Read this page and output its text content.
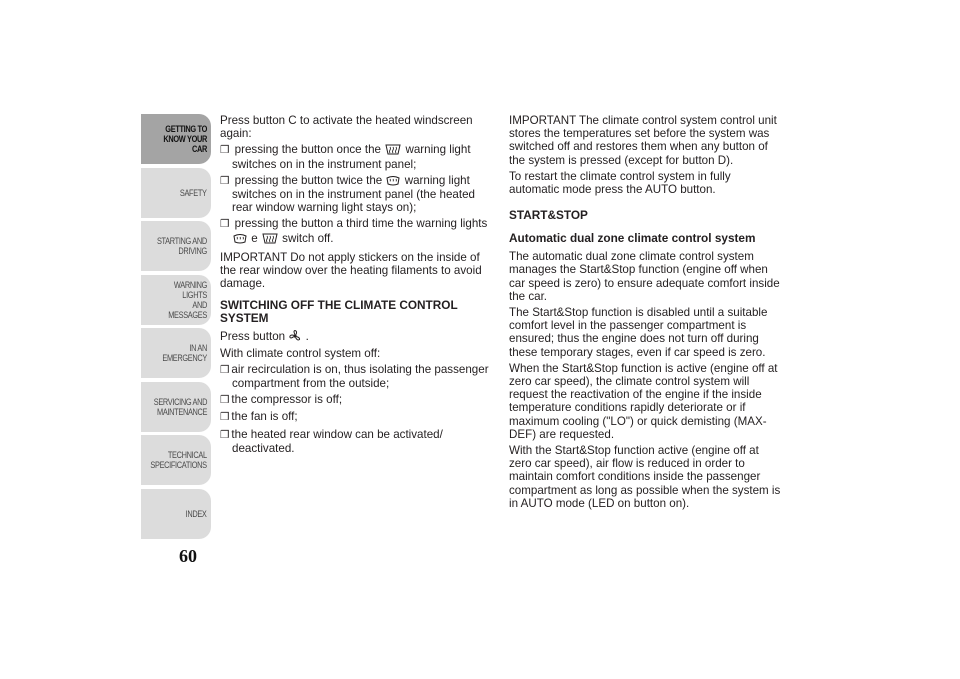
GETTING TO
KNOW YOUR CAR
SAFETY
STARTING AND
DRIVING
WARNING LIGHTS
AND MESSAGES
IN AN EMERGENCY
SERVICING AND
MAINTENANCE
TECHNICAL
SPECIFICATIONS
INDEX
60

Press button C to activate the heated windscreen again:

❒ pressing the button once the warning light switches on in the instrument panel;

❒ pressing the button twice the warning light switches on in the instrument panel (the heated rear window warning light stays on);

❒ pressing the button a third time the warning lights  e switch off.

IMPORTANT Do not apply stickers on the inside of the rear window over the heating filaments to avoid damage.

SWITCHING OFF THE CLIMATE CONTROL SYSTEM

Press button .

With climate control system off:

❒ air recirculation is on, thus isolating the passenger compartment from the outside;

❒ the compressor is off;

❒ the fan is off;

❒ the heated rear window can be activated/ deactivated.

IMPORTANT The climate control system control unit stores the temperatures set before the system was switched off and restores them when any button of the system is pressed (except for button D).

To restart the climate control system in fully automatic mode press the AUTO button.

START&STOP
Automatic dual zone climate control system

The automatic dual zone climate control system manages the Start&Stop function (engine off when car speed is zero) to ensure adequate comfort inside the car.

The Start&Stop function is disabled until a suitable comfort level in the passenger compartment is ensured; thus the engine does not turn off during these temporary stages, even if car speed is zero.

When the Start&Stop function is active (engine off at zero car speed), the climate control system will request the reactivation of the engine if the inside temperature conditions rapidly deteriorate or if maximum cooling ("LO") or quick demisting (MAX-DEF) are requested.

With the Start&Stop function active (engine off at zero car speed), air flow is reduced in order to maintain comfort conditions inside the passenger compartment as long as possible when the system is in AUTO mode (LED on button on).
